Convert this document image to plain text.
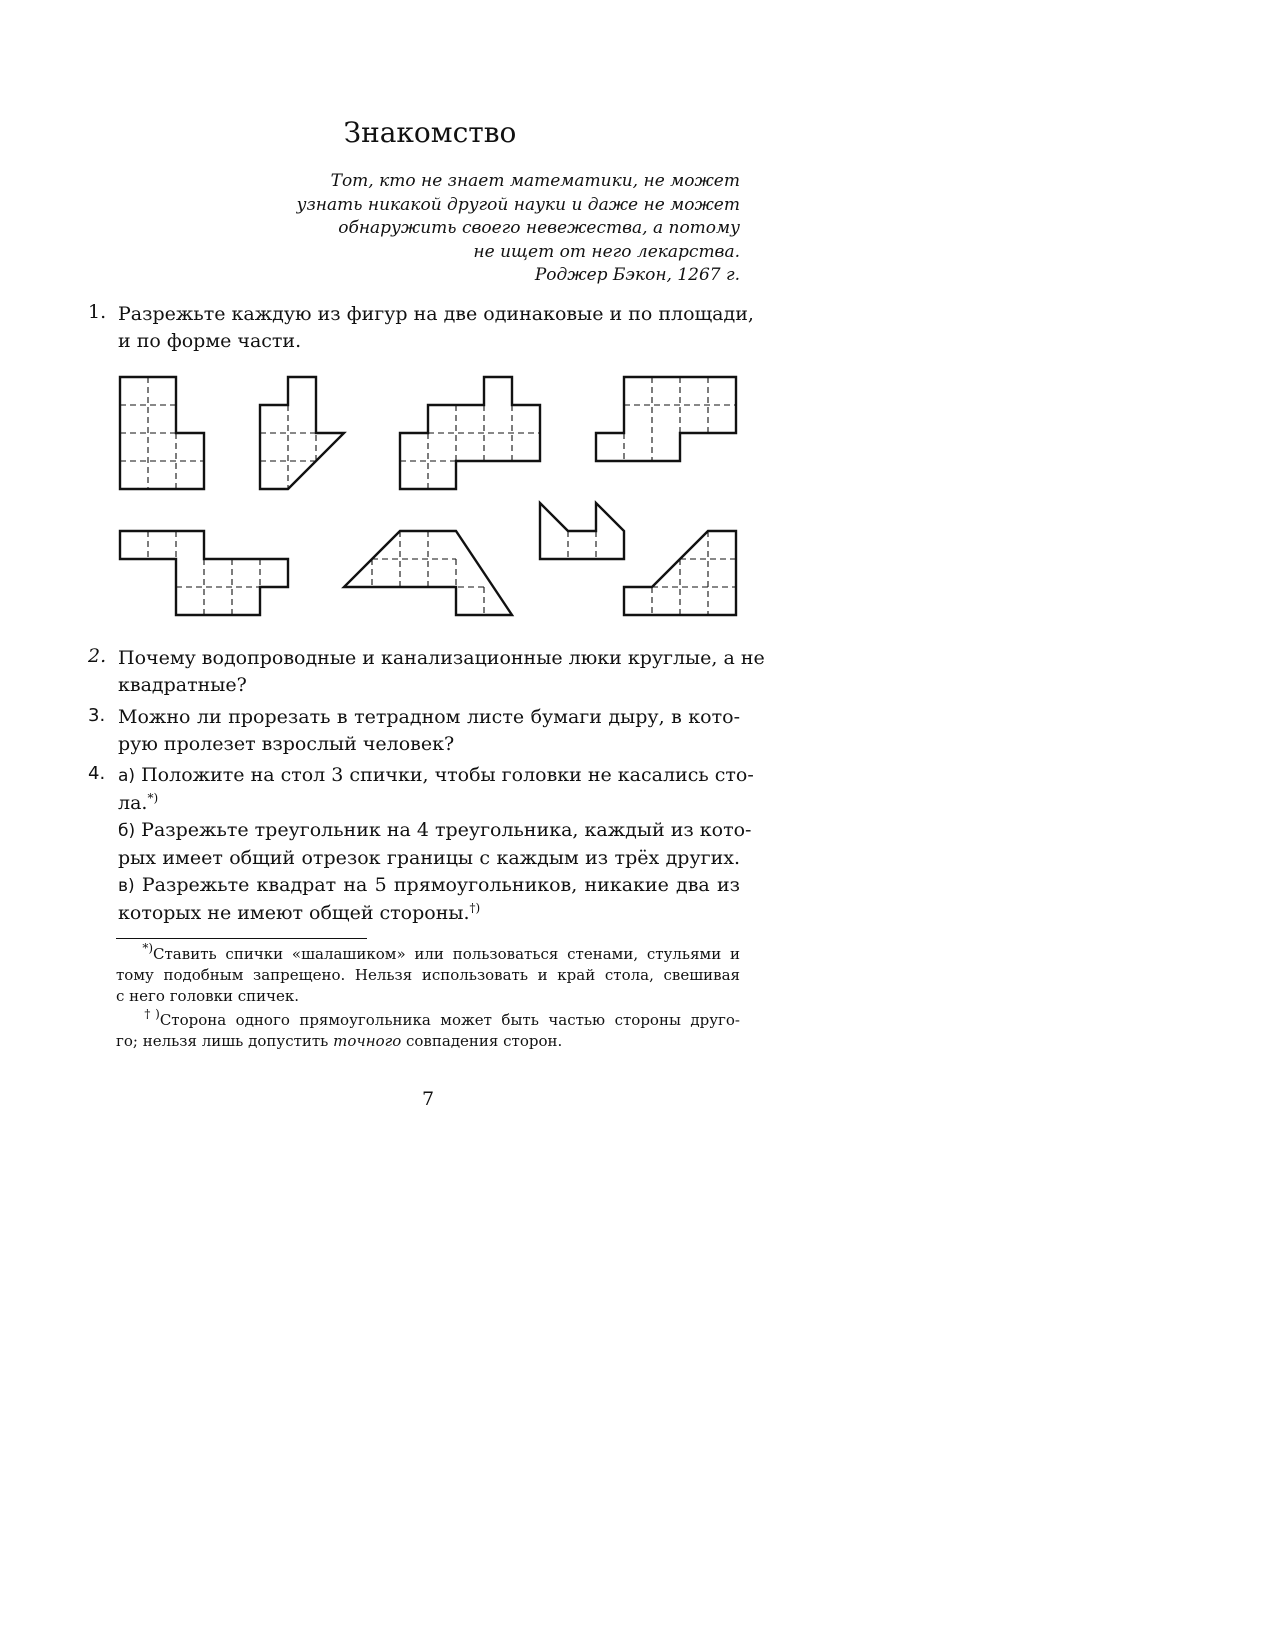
Знакомство
Тот, кто не знает математики, не может
узнать никакой другой науки и даже не может
обнаружить своего невежества, а потому
не ищет от него лекарства.
Роджер Бэкон, 1267 г.
1. Разрежьте каждую из фигур на две одинаковые и по площади,
и по форме части.
2. Почему водопроводные и канализационные люки круглые, а не
квадратные?
3. Можно ли прорезать в тетрадном листе бумаги дыру, в кото-
рую пролезет взрослый человек?
4. а) Положите на стол 3 спички, чтобы головки не касались сто-
ла.*)
б) Разрежьте треугольник на 4 треугольника, каждый из кото-
рых имеет общий отрезок границы с каждым из трёх других.
в) Разрежьте квадрат на 5 прямоугольников, никакие два из
которых не имеют общей стороны.†)
*)Ставить спички «шалашиком» или пользоваться стенами, стульями и
тому подобным запрещено. Нельзя использовать и край стола, свешивая
с него головки спичек.
†)Сторона одного прямоугольника может быть частью стороны друго-
го; нельзя лишь допустить точного совпадения сторон.
7
